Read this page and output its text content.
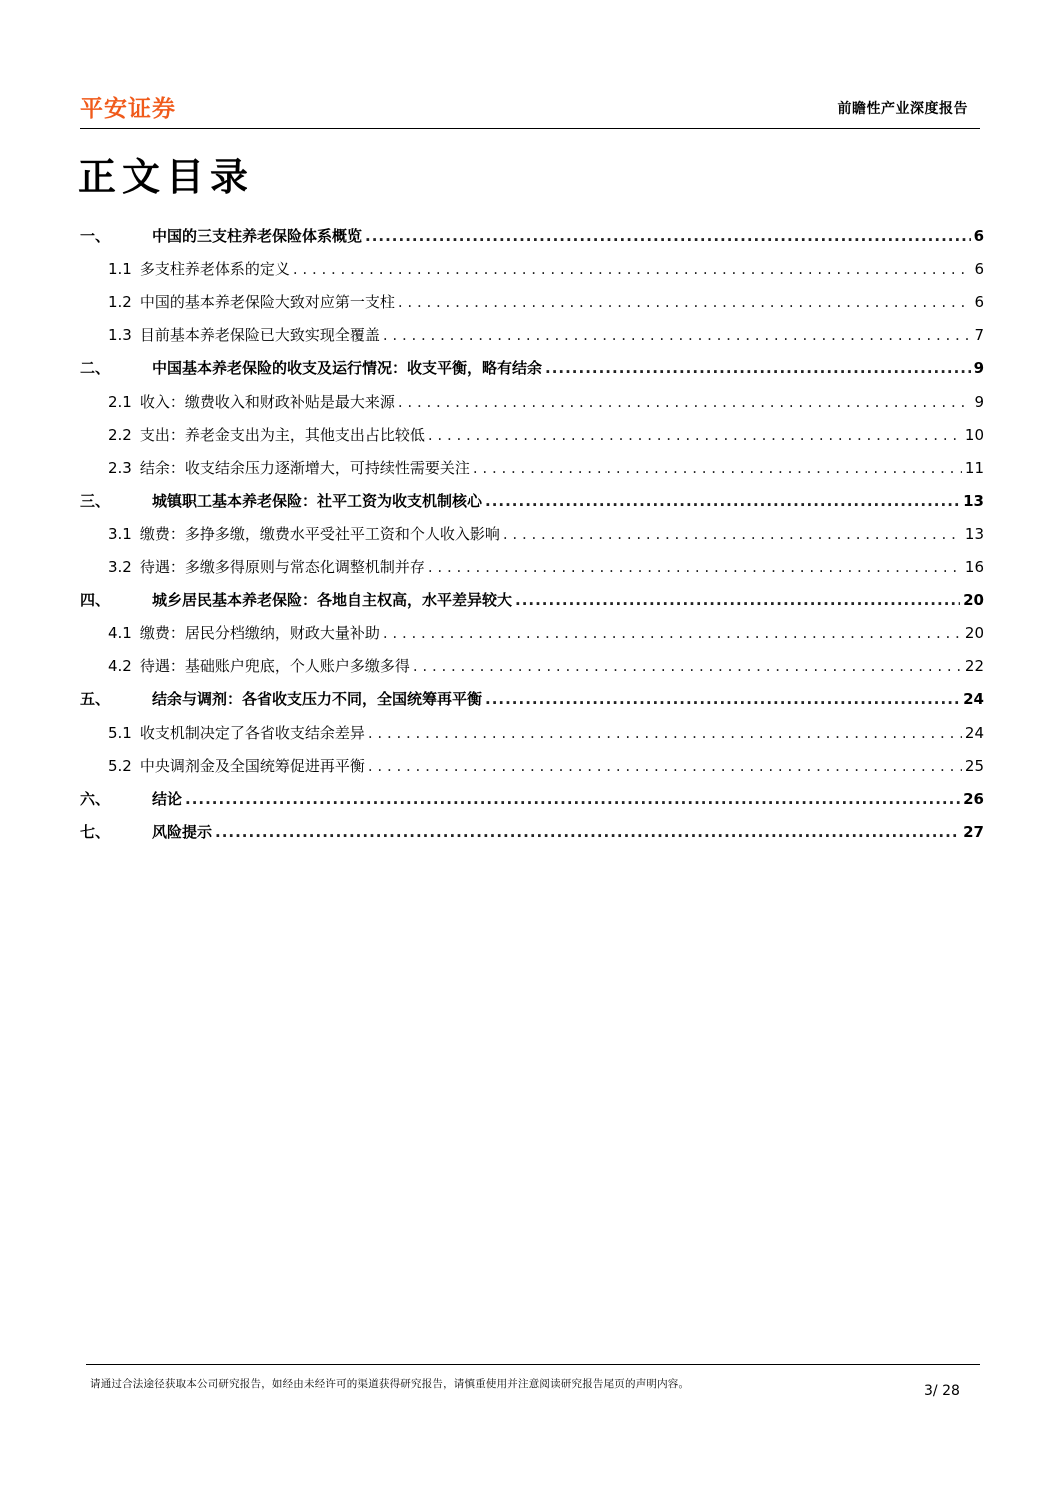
平安证券	前瞻性产业深度报告
正文目录
一、	中国的三支柱养老保险体系概览 .....	6
1.1 多支柱养老体系的定义 . . .	6
1.2 中国的基本养老保险大致对应第一支柱 . . .	6
1.3 目前基本养老保险已大致实现全覆盖 . . .	7
二、	中国基本养老保险的收支及运行情况：收支平衡，略有结余 .....	9
2.1 收入：缴费收入和财政补贴是最大来源 . . .	9
2.2 支出：养老金支出为主，其他支出占比较低 . . .	10
2.3 结余：收支结余压力逐渐增大，可持续性需要关注 . . .	11
三、	城镇职工基本养老保险：社平工资为收支机制核心 .....	13
3.1 缴费：多挣多缴，缴费水平受社平工资和个人收入影响 . . .	13
3.2 待遇：多缴多得原则与常态化调整机制并存 . . .	16
四、	城乡居民基本养老保险：各地自主权高，水平差异较大 .....	20
4.1 缴费：居民分档缴纳，财政大量补助 . . .	20
4.2 待遇：基础账户兜底，个人账户多缴多得 . . .	22
五、	结余与调剂：各省收支压力不同，全国统筹再平衡 .....	24
5.1 收支机制决定了各省收支结余差异 . . .	24
5.2 中央调剂金及全国统筹促进再平衡 . . .	25
六、	结论 .....	26
七、	风险提示 .....	27
请通过合法途径获取本公司研究报告，如经由未经许可的渠道获得研究报告，请慎重使用并注意阅读研究报告尾页的声明内容。	3/ 28
